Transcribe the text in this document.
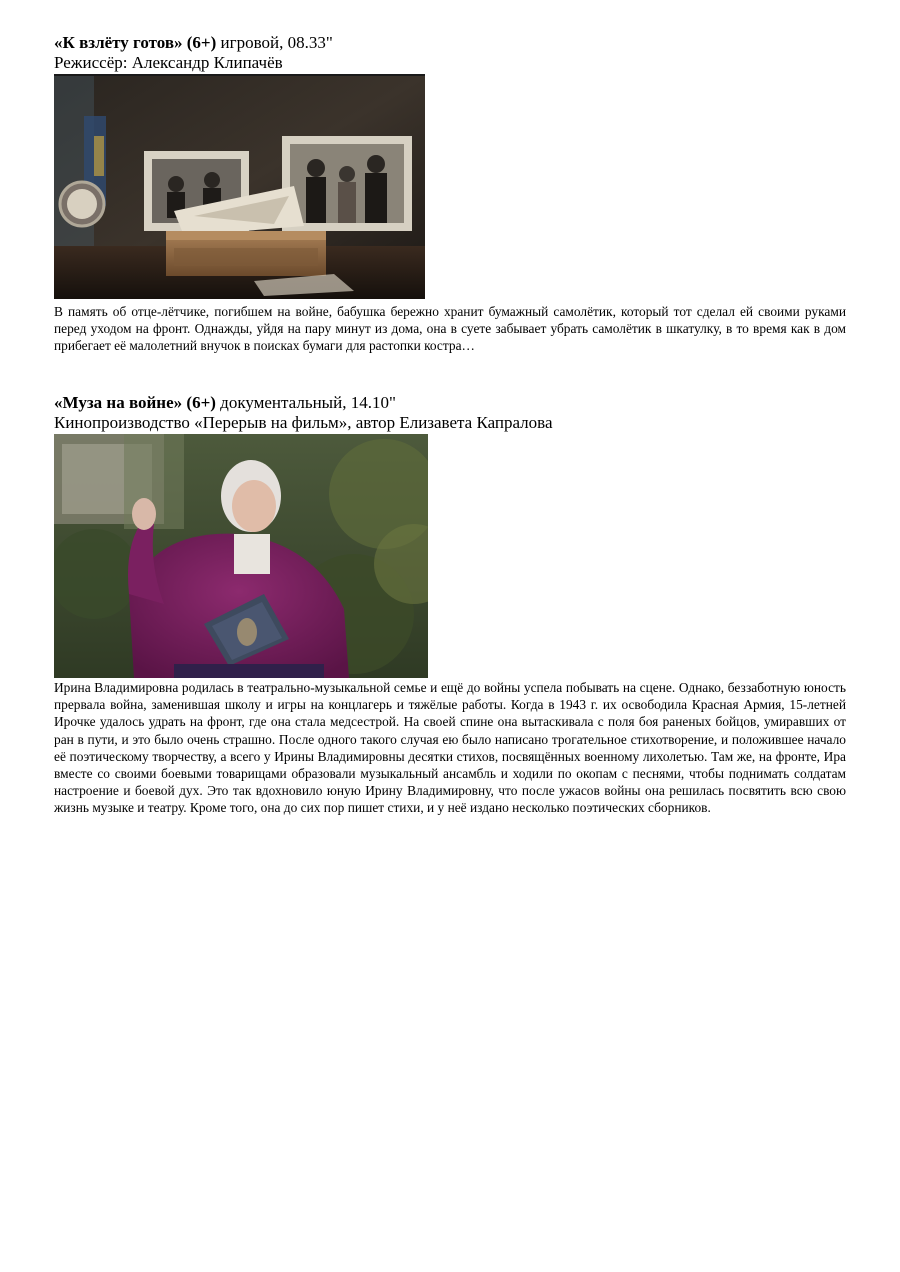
«К взлёту готов» (6+) игровой, 08.33"
Режиссёр: Александр Клипачёв
В память об отце-лётчике, погибшем на войне, бабушка бережно хранит бумажный самолётик, который тот сделал ей своими руками перед уходом на фронт. Однажды, уйдя на пару минут из дома, она в суете забывает убрать самолётик в шкатулку, в то время как в дом прибегает её малолетний внучок в поисках бумаги для растопки костра…
«Муза на войне» (6+) документальный, 14.10"
Кинопроизводство «Перерыв на фильм», автор Елизавета Капралова
Ирина Владимировна родилась в театрально-музыкальной семье и ещё до войны успела побывать на сцене. Однако, беззаботную юность прервала война, заменившая школу и игры на концлагерь и тяжёлые работы. Когда в 1943 г. их освободила Красная Армия, 15-летней Ирочке удалось удрать на фронт, где она стала медсестрой. На своей спине она вытаскивала с поля боя раненых бойцов, умиравших от ран в пути, и это было очень страшно. После одного такого случая ею было написано трогательное стихотворение, и положившее начало её поэтическому творчеству, а всего у Ирины Владимировны десятки стихов, посвящённых военному лихолетью. Там же, на фронте, Ира вместе со своими боевыми товарищами образовали музыкальный ансамбль и ходили по окопам с песнями, чтобы поднимать солдатам настроение и боевой дух. Это так вдохновило юную Ирину Владимировну, что после ужасов войны она решилась посвятить всю свою жизнь музыке и театру. Кроме того, она до сих пор пишет стихи, и у неё издано несколько поэтических сборников.
